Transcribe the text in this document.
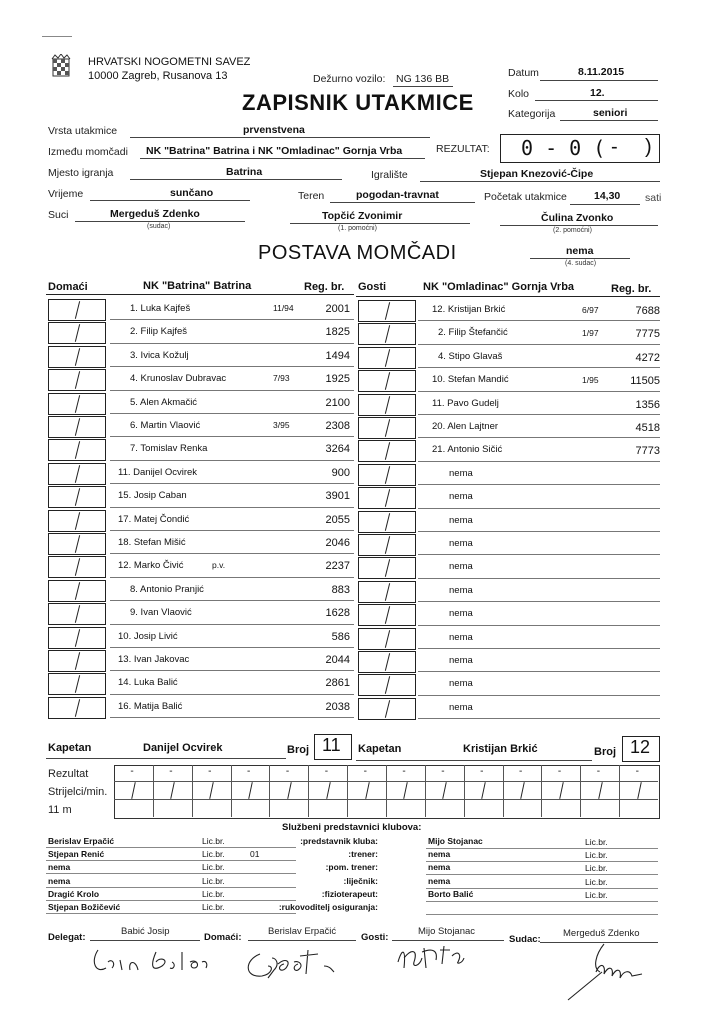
HRVATSKI NOGOMETNI SAVEZ
10000 Zagreb, Rusanova 13	Dežurno vozilo: NG 136 BB
ZAPISNIK UTAKMICE
Datum	8.11.2015
Kolo	12.
Kategorija	seniori
Vrsta utakmice	prvenstvena
Između momčadi NK "Batrina" Batrina i NK "Omladinac" Gornja Vrba	REZULTAT: 0 - 0 ( - )
Mjesto igranja	Batrina	Igralište	Stjepan Knezović-Čipe
Vrijeme	sunčano	Teren	pogodan-travnat	Početak utakmice	14,30 sati
Suci	Mergeduš Zdenko
(sudac)
Topčić Zvonimir
(1. pomoćni)
Čulina Zvonko
(2. pomoćni)
POSTAVA MOMČADI	nema
(4. sudac)
Domaći	NK "Batrina" Batrina	Reg. br. Gosti	NK "Omladinac" Gornja Vrba	Reg. br.
1. Luka Kajfeš	11/94	2001	12. Kristijan Brkić	6/97	7688
2. Filip Kajfeš	1825	2. Filip Štefančić	1/97	7775
3. Ivica Kožulj	1494	4. Stipo Glavaš	4272
4. Krunoslav Dubravac	7/93	1925	10. Stefan Mandić	1/95	11505
5. Alen Akmačić	2100	11. Pavo Gudelj	1356
6. Martin Vlaović	3/95	2308	20. Alen Lajtner	4518
7. Tomislav Renka	3264	21. Antonio Sičić	7773
11. Danijel Ocvirek	900	nema
15. Josip Caban	3901	nema
17. Matej Čondić	2055	nema
18. Stefan Mišić	2046	nema
12. Marko Čivić	p.v.	2237	nema
8. Antonio Pranjić	883	nema
9. Ivan Vlaović	1628	nema
10. Josip Livić	586	nema
13. Ivan Jakovac	2044	nema
14. Luka Balić	2861	nema
16. Matija Balić	2038	nema
Kapetan	Danijel Ocvirek	Broj 11 Kapetan	Kristijan Brkić	Broj 12
Rezultat
Strijelci/min.
11 m
-	-	-	-	-	-	-	-	-	-	-	-	-	-
Službeni predstavnici klubova:
Berislav Erpačić	Lic.br.	:predstavnik kluba:	Mijo Stojanac	Lic.br.
Stjepan Renić	Lic.br.	01	:trener:	nema	Lic.br.
nema	Lic.br.	:pom. trener:	nema	Lic.br.
nema	Lic.br.	:liječnik:	nema	Lic.br.
Dragić Krolo	Lic.br.	:fizioterapeut:	Borto Balić	Lic.br.
Stjepan Božičević	Lic.br.	:rukovoditelj osiguranja:
Delegat:
Babić Josip
Domaći:
Berislav Erpačić
Gosti:
Mijo Stojanac
Sudac:
Mergeduš Zdenko
